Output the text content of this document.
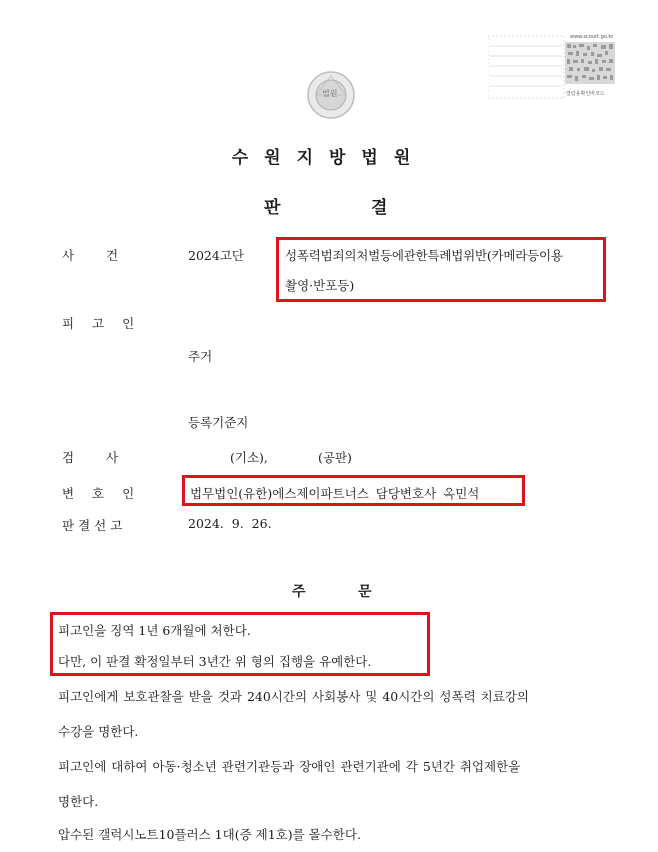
법원
www.scourt.go.kr
열람용확인바코드
수원지방법원
판	결
사 건	2024고단	성폭력범죄의처벌등에관한특례법위반(카메라등이용
촬영·반포등)
피 고 인
주거
등록기준지
검 사	(기소),	(공판)
변 호 인	법무법인(유한)에스제이파트너스 담당변호사 옥민석
판결선고	2024. 9. 26.
주	문
피고인을 징역 1년 6개월에 처한다.
다만, 이 판결 확정일부터 3년간 위 형의 집행을 유예한다.
피고인에게 보호관찰을 받을 것과 240시간의 사회봉사 및 40시간의 성폭력 치료강의
수강을 명한다.
피고인에 대하여 아동·청소년 관련기관등과 장애인 관련기관에 각 5년간 취업제한을
명한다.
압수된 갤럭시노트10플러스 1대(증 제1호)를 몰수한다.
